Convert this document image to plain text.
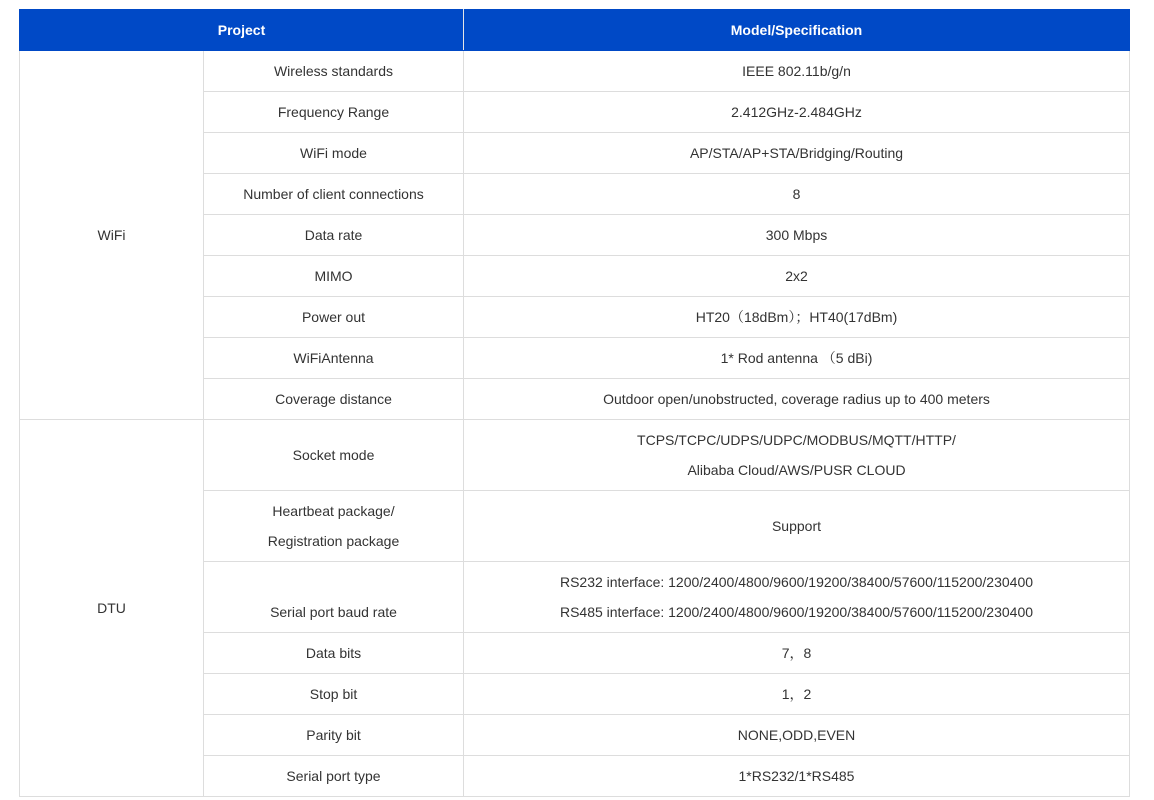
Project		Model/Specification
WiFi	Wireless standards	IEEE 802.11b/g/n
	Frequency Range	2.412GHz-2.484GHz
	WiFi mode	AP/STA/AP+STA/Bridging/Routing
	Number of client connections	8
	Data rate	300 Mbps
	MIMO	2x2
	Power out	HT20（18dBm）；HT40(17dBm)
	WiFiAntenna	1* Rod antenna （5 dBi)
	Coverage distance	Outdoor open/unobstructed, coverage radius up to 400 meters
DTU	Socket mode	TCPS/TCPC/UDPS/UDPC/MODBUS/MQTT/HTTP/
Alibaba Cloud/AWS/PUSR CLOUD

	Heartbeat package/
Registration package	Support

	Serial port baud rate	RS232 interface: 1200/2400/4800/9600/19200/38400/57600/115200/230400
RS485 interface: 1200/2400/4800/9600/19200/38400/57600/115200/230400

	Data bits	7，8
	Stop bit	1，2
	Parity bit	NONE,ODD,EVEN
	Serial port type	1*RS232/1*RS485
